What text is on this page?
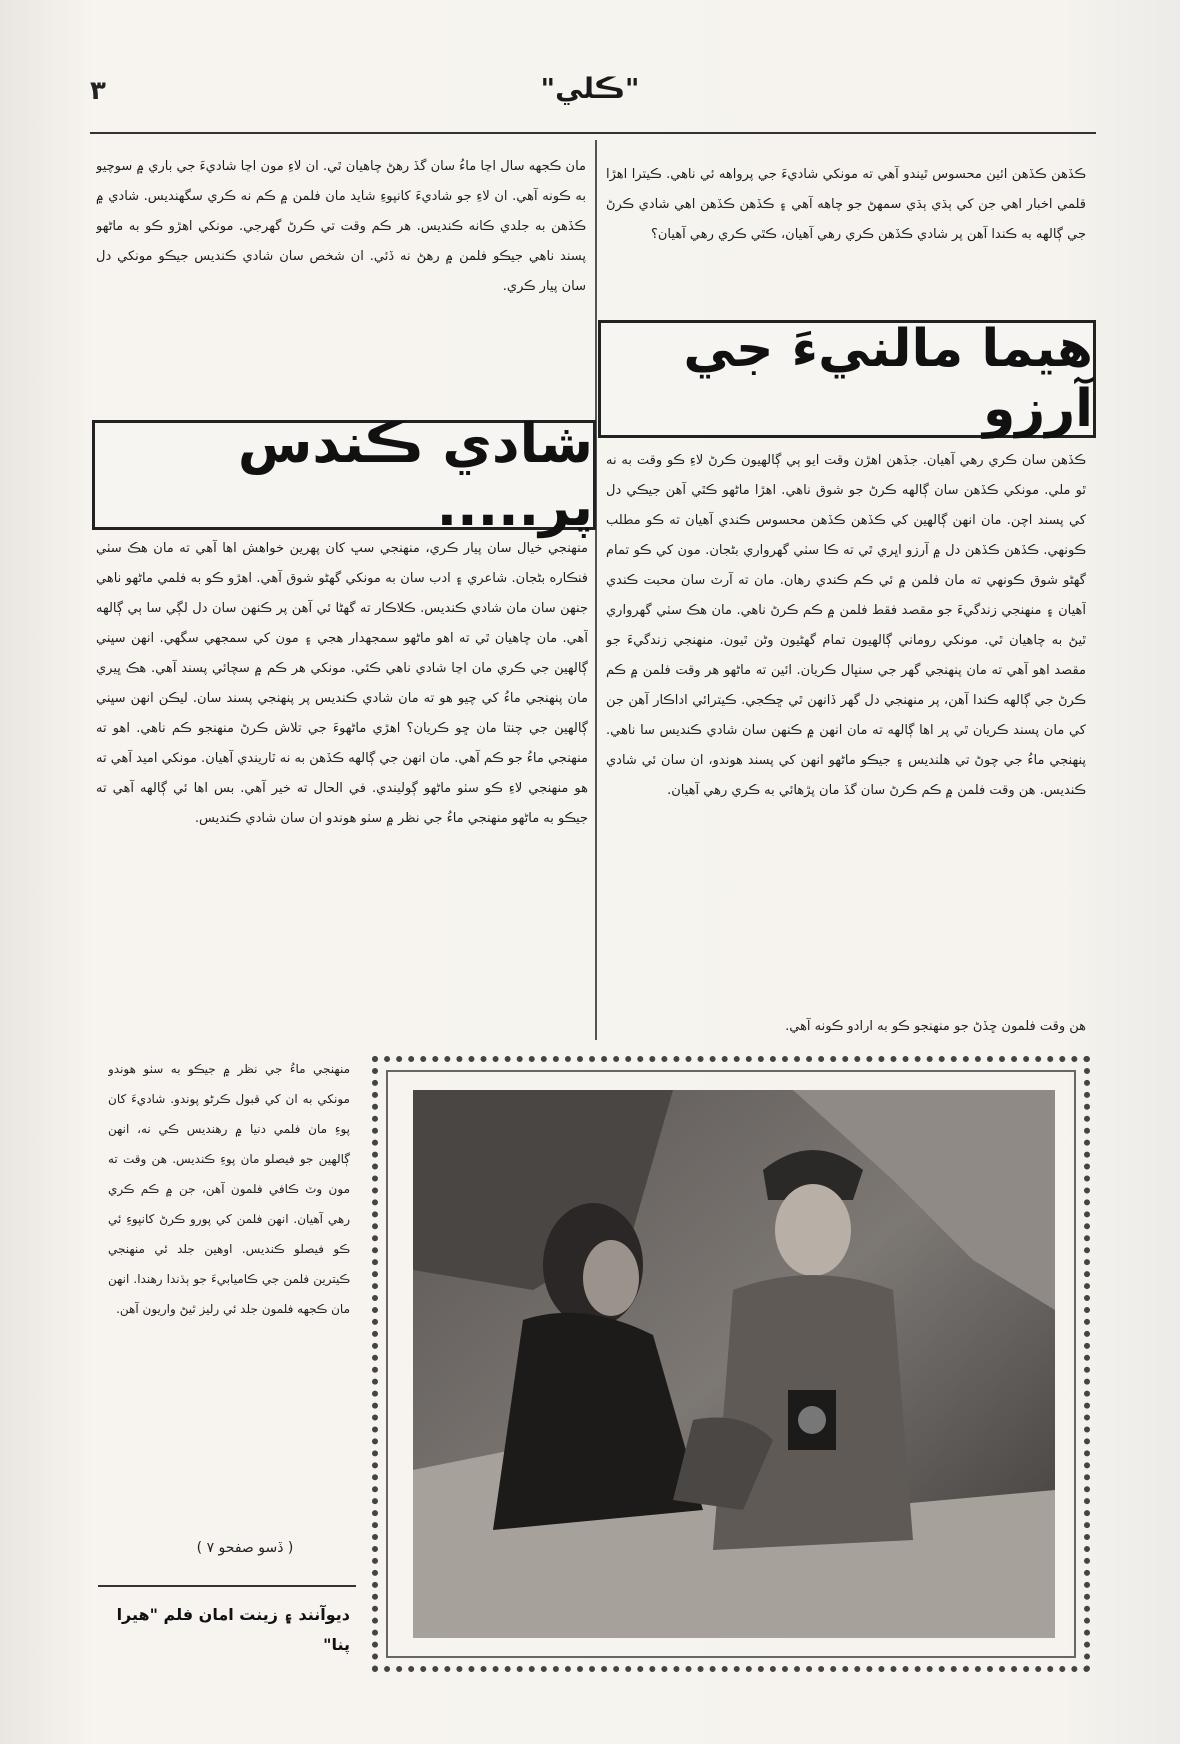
٣	"ڪلي"

ڪڏهن ڪڏهن ائين محسوس ٿيندو آهي ته مونکي شاديءَ جي پرواهه ئي ناهي. ڪيترا اهڙا قلمي اخبار اهي جن کي ٻڌي ٻڌي سمهڻ جو چاهه آهي ۽ ڪڏهن ڪڏهن اهي شادي ڪرڻ جي ڳالهه به ڪندا آهن پر شادي ڪڏهن ڪري رهي آهيان، ڪٿي ڪري رهي آهيان؟

هيما مالنيءَ جي آرزو

ڪڏهن سان ڪري رهي آهيان. جڏهن اهڙن وقت ايو ٻي ڳالهيون ڪرڻ لاءِ ڪو وقت به نه ٿو ملي. مونکي ڪڏهن سان ڳالهه ڪرڻ جو شوق ناهي. اهڙا ماڻهو ڪٿي آهن جيڪي دل کي پسند اچن. مان انهن ڳالهين کي ڪڏهن ڪڏهن محسوس ڪندي آهيان ته ڪو مطلب ڪونهي. ڪڏهن ڪڏهن دل ۾ آرزو اڀري ٿي ته ڪا سٺي گهرواري بڻجان. مون کي ڪو تمام گهڻو شوق ڪونهي ته مان فلمن ۾ ئي ڪم ڪندي رهان. مان ته آرٽ سان محبت ڪندي آهيان ۽ منهنجي زندگيءَ جو مقصد فقط فلمن ۾ ڪم ڪرڻ ناهي. مان هڪ سٺي گهرواري ٿيڻ به چاهيان ٿي. مونکي روماني ڳالهيون تمام گهڻيون وڻن ٿيون. منهنجي زندگيءَ جو مقصد اهو آهي ته مان پنهنجي گهر جي سنڀال ڪريان. ائين ته ماڻهو هر وقت فلمن ۾ ڪم ڪرڻ جي ڳالهه ڪندا آهن، پر منهنجي دل گهر ڏانهن ٿي ڇڪجي. ڪيترائي اداڪار آهن جن کي مان پسند ڪريان ٿي پر اها ڳالهه ته مان انهن ۾ ڪنهن سان شادي ڪنديس سا ناهي. پنهنجي ماءُ جي چوڻ تي هلنديس ۽ جيڪو ماڻهو انهن کي پسند هوندو، ان سان ئي شادي ڪنديس. هن وقت فلمن ۾ ڪم ڪرڻ سان گڏ مان پڙهائي به ڪري رهي آهيان.

هن وقت فلمون ڇڏڻ جو منهنجو ڪو به ارادو ڪونه آهي.

مان ڪجهه سال اڃا ماءُ سان گڏ رهڻ چاهيان ٿي. ان لاءِ مون اڃا شاديءَ جي باري ۾ سوچيو به ڪونه آهي. ان لاءِ جو شاديءَ کانپوءِ شايد مان فلمن ۾ ڪم نه ڪري سگهنديس. شادي ۾ ڪڏهن به جلدي ڪانه ڪنديس. هر ڪم وقت تي ڪرڻ گهرجي. مونکي اهڙو ڪو به ماڻهو پسند ناهي جيڪو فلمن ۾ رهڻ نه ڏئي. ان شخص سان شادي ڪنديس جيڪو مونکي دل سان پيار ڪري.

شادي ڪندس پر.....

منهنجي خيال سان پيار ڪري، منهنجي سڀ کان پهرين خواهش اها آهي ته مان هڪ سٺي فنڪاره بڻجان. شاعري ۽ ادب سان به مونکي گهڻو شوق آهي. اهڙو ڪو به فلمي ماڻهو ناهي جنهن سان مان شادي ڪنديس. ڪلاڪار ته گهڻا ئي آهن پر ڪنهن سان دل لڳي سا ٻي ڳالهه آهي. مان چاهيان ٿي ته اهو ماڻهو سمجهدار هجي ۽ مون کي سمجهي سگهي. انهن سڀني ڳالهين جي ڪري مان اڃا شادي ناهي ڪئي. مونکي هر ڪم ۾ سچائي پسند آهي. هڪ ڀيري مان پنهنجي ماءُ کي چيو هو ته مان شادي ڪنديس پر پنهنجي پسند سان. ليڪن انهن سڀني ڳالهين جي چنتا مان ڇو ڪريان؟ اهڙي ماڻهوءَ جي تلاش ڪرڻ منهنجو ڪم ناهي. اهو ته منهنجي ماءُ جو ڪم آهي. مان انهن جي ڳالهه ڪڏهن به نه ٽاريندي آهيان. مونکي اميد آهي ته هو منهنجي لاءِ ڪو سٺو ماڻهو ڳوليندي. في الحال ته خير آهي. بس اها ئي ڳالهه آهي ته جيڪو به ماڻهو منهنجي ماءُ جي نظر ۾ سٺو هوندو ان سان شادي ڪنديس.

منهنجي ماءُ جي نظر ۾ جيڪو به سٺو هوندو مونکي به ان کي قبول ڪرڻو پوندو. شاديءَ کان پوءِ مان فلمي دنيا ۾ رهنديس ڪي نه، انهن ڳالهين جو فيصلو مان پوءِ ڪنديس. هن وقت ته مون وٽ ڪافي فلمون آهن، جن ۾ ڪم ڪري رهي آهيان. انهن فلمن کي پورو ڪرڻ کانپوءِ ئي ڪو فيصلو ڪنديس. اوهين جلد ئي منهنجي ڪيترين فلمن جي ڪاميابيءَ جو ٻڌندا رهندا. انهن مان ڪجهه فلمون جلد ئي رليز ٿيڻ واريون آهن.

( ڏسو صفحو ٧ )
ديوآنند ۽ زينت امان فلم "هيرا پنا"
